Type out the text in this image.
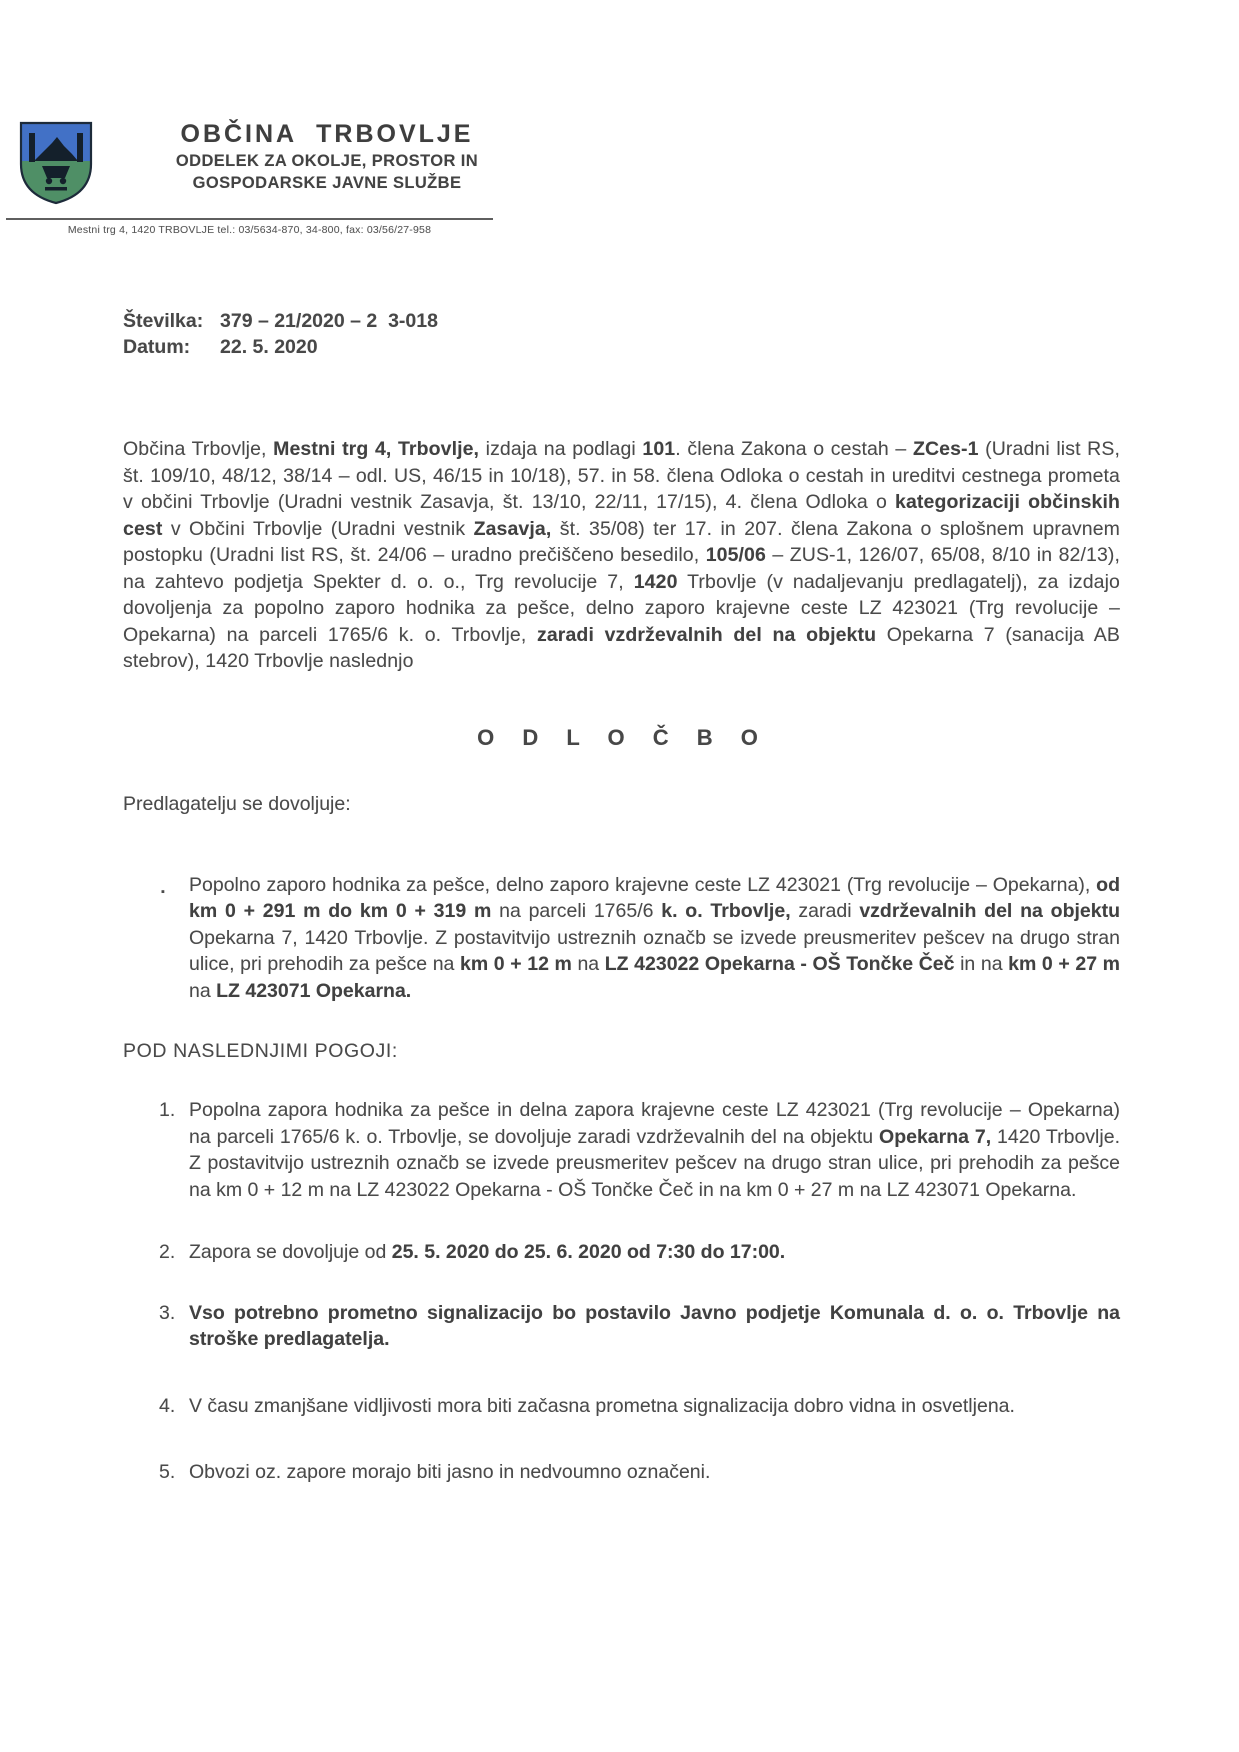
OBČINA TRBOVLJE
ODDELEK ZA OKOLJE, PROSTOR IN
GOSPODARSKE JAVNE SLUŽBE
Mestni trg 4, 1420 TRBOVLJE tel.: 03/5634-870, 34-800, fax: 03/56/27-958
Številka: 379 – 21/2020 – 2  3-018
Datum:	22. 5. 2020

Občina Trbovlje, Mestni trg 4, Trbovlje, izdaja na podlagi 101. člena Zakona o cestah – ZCes-1 (Uradni list RS, št. 109/10, 48/12, 38/14 – odl. US, 46/15 in 10/18), 57. in 58. člena Odloka o cestah in ureditvi cestnega prometa v občini Trbovlje (Uradni vestnik Zasavja, št. 13/10, 22/11, 17/15), 4. člena Odloka o kategorizaciji občinskih cest v Občini Trbovlje (Uradni vestnik Zasavja, št. 35/08) ter 17. in 207. člena Zakona o splošnem upravnem postopku (Uradni list RS, št. 24/06 – uradno prečiščeno besedilo, 105/06 – ZUS-1, 126/07, 65/08, 8/10 in 82/13), na zahtevo podjetja Spekter d. o. o., Trg revolucije 7, 1420 Trbovlje (v nadaljevanju predlagatelj), za izdajo dovoljenja za popolno zaporo hodnika za pešce, delno zaporo krajevne ceste LZ 423021 (Trg revolucije – Opekarna) na parceli 1765/6 k. o. Trbovlje, zaradi vzdrževalnih del na objektu Opekarna 7 (sanacija AB stebrov), 1420 Trbovlje naslednjo

O D L O Č B O
Predlagatelju se dovoljuje:
▪	Popolno zaporo hodnika za pešce, delno zaporo krajevne ceste LZ 423021 (Trg revolucije – Opekarna), od km 0 + 291 m do km 0 + 319 m na parceli 1765/6 k. o. Trbovlje, zaradi vzdrževalnih del na objektu Opekarna 7, 1420 Trbovlje. Z postavitvijo ustreznih označb se izvede preusmeritev pešcev na drugo stran ulice, pri prehodih za pešce na km 0 + 12 m na LZ 423022 Opekarna - OŠ Tončke Čeč in na km 0 + 27 m na LZ 423071 Opekarna.
POD NASLEDNJIMI POGOJI:
1. Popolna zapora hodnika za pešce in delna zapora krajevne ceste LZ 423021 (Trg revolucije – Opekarna) na parceli 1765/6 k. o. Trbovlje, se dovoljuje zaradi vzdrževalnih del na objektu Opekarna 7, 1420 Trbovlje. Z postavitvijo ustreznih označb se izvede preusmeritev pešcev na drugo stran ulice, pri prehodih za pešce na km 0 + 12 m na LZ 423022 Opekarna - OŠ Tončke Čeč in na km 0 + 27 m na LZ 423071 Opekarna.
2. Zapora se dovoljuje od 25. 5. 2020 do 25. 6. 2020 od 7:30 do 17:00.
3. Vso potrebno prometno signalizacijo bo postavilo Javno podjetje Komunala d. o. o. Trbovlje na stroške predlagatelja.
4. V času zmanjšane vidljivosti mora biti začasna prometna signalizacija dobro vidna in osvetljena.
5. Obvozi oz. zapore morajo biti jasno in nedvoumno označeni.
